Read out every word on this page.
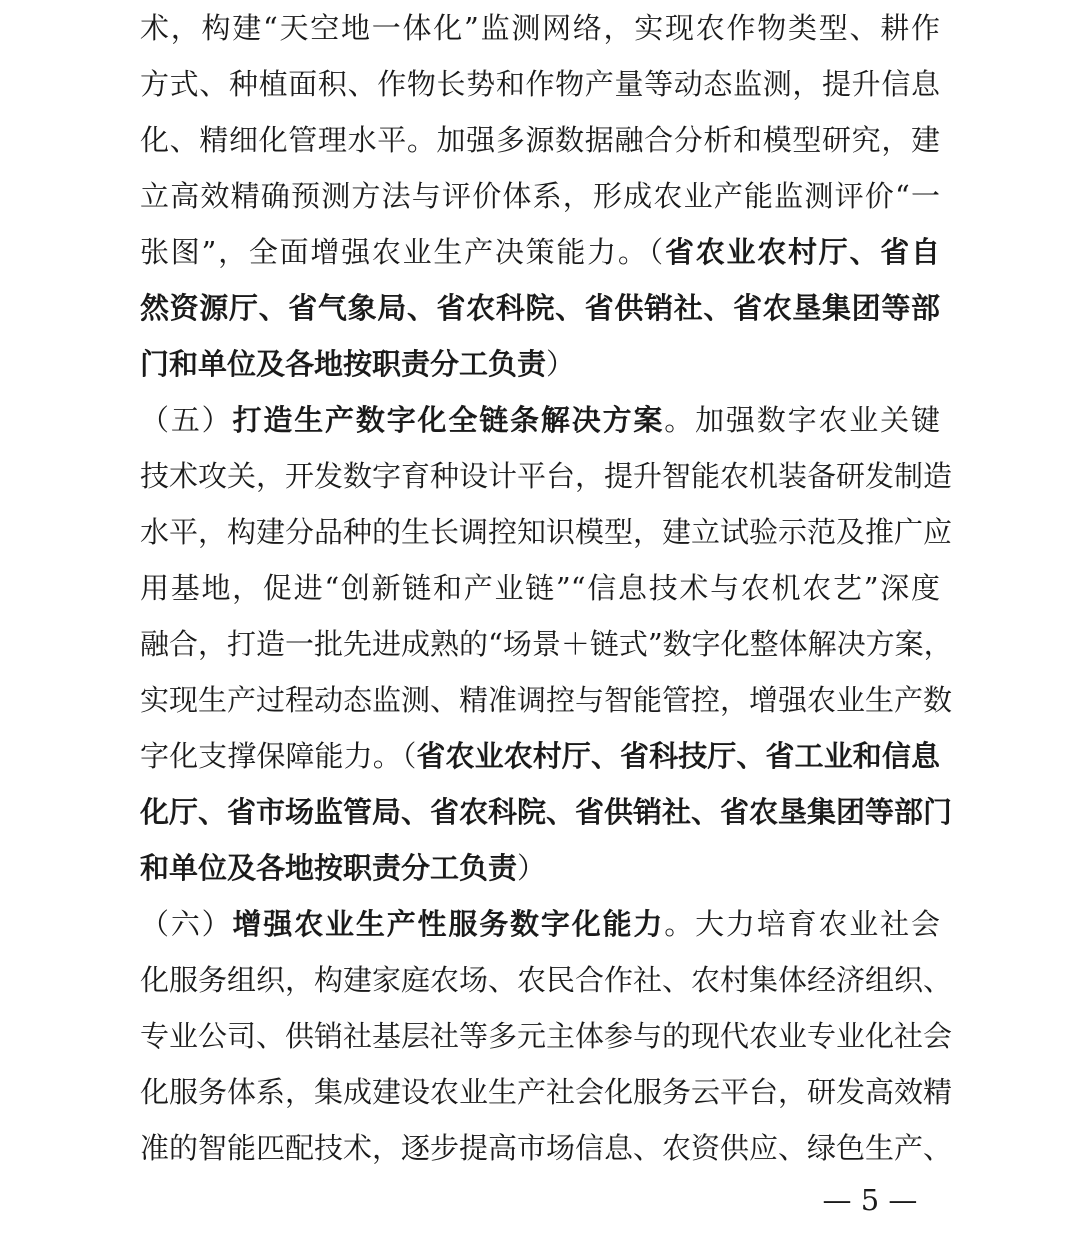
术，构建“天空地一体化”监测网络，实现农作物类型、耕作
方式、种植面积、作物长势和作物产量等动态监测，提升信息
化、精细化管理水平。加强多源数据融合分析和模型研究，建
立高效精确预测方法与评价体系，形成农业产能监测评价“一
张图”，全面增强农业生产决策能力。（省农业农村厅、省自
然资源厅、省气象局、省农科院、省供销社、省农垦集团等部
门和单位及各地按职责分工负责）
（五）打造生产数字化全链条解决方案。加强数字农业关键
技术攻关，开发数字育种设计平台，提升智能农机装备研发制造
水平，构建分品种的生长调控知识模型，建立试验示范及推广应
用基地，促进“创新链和产业链”“信息技术与农机农艺”深度
融合，打造一批先进成熟的“场景＋链式”数字化整体解决方案，
实现生产过程动态监测、精准调控与智能管控，增强农业生产数
字化支撑保障能力。（省农业农村厅、省科技厅、省工业和信息
化厅、省市场监管局、省农科院、省供销社、省农垦集团等部门
和单位及各地按职责分工负责）
（六）增强农业生产性服务数字化能力。大力培育农业社会
化服务组织，构建家庭农场、农民合作社、农村集体经济组织、
专业公司、供销社基层社等多元主体参与的现代农业专业化社会
化服务体系，集成建设农业生产社会化服务云平台，研发高效精
准的智能匹配技术，逐步提高市场信息、农资供应、绿色生产、
— 5 —
